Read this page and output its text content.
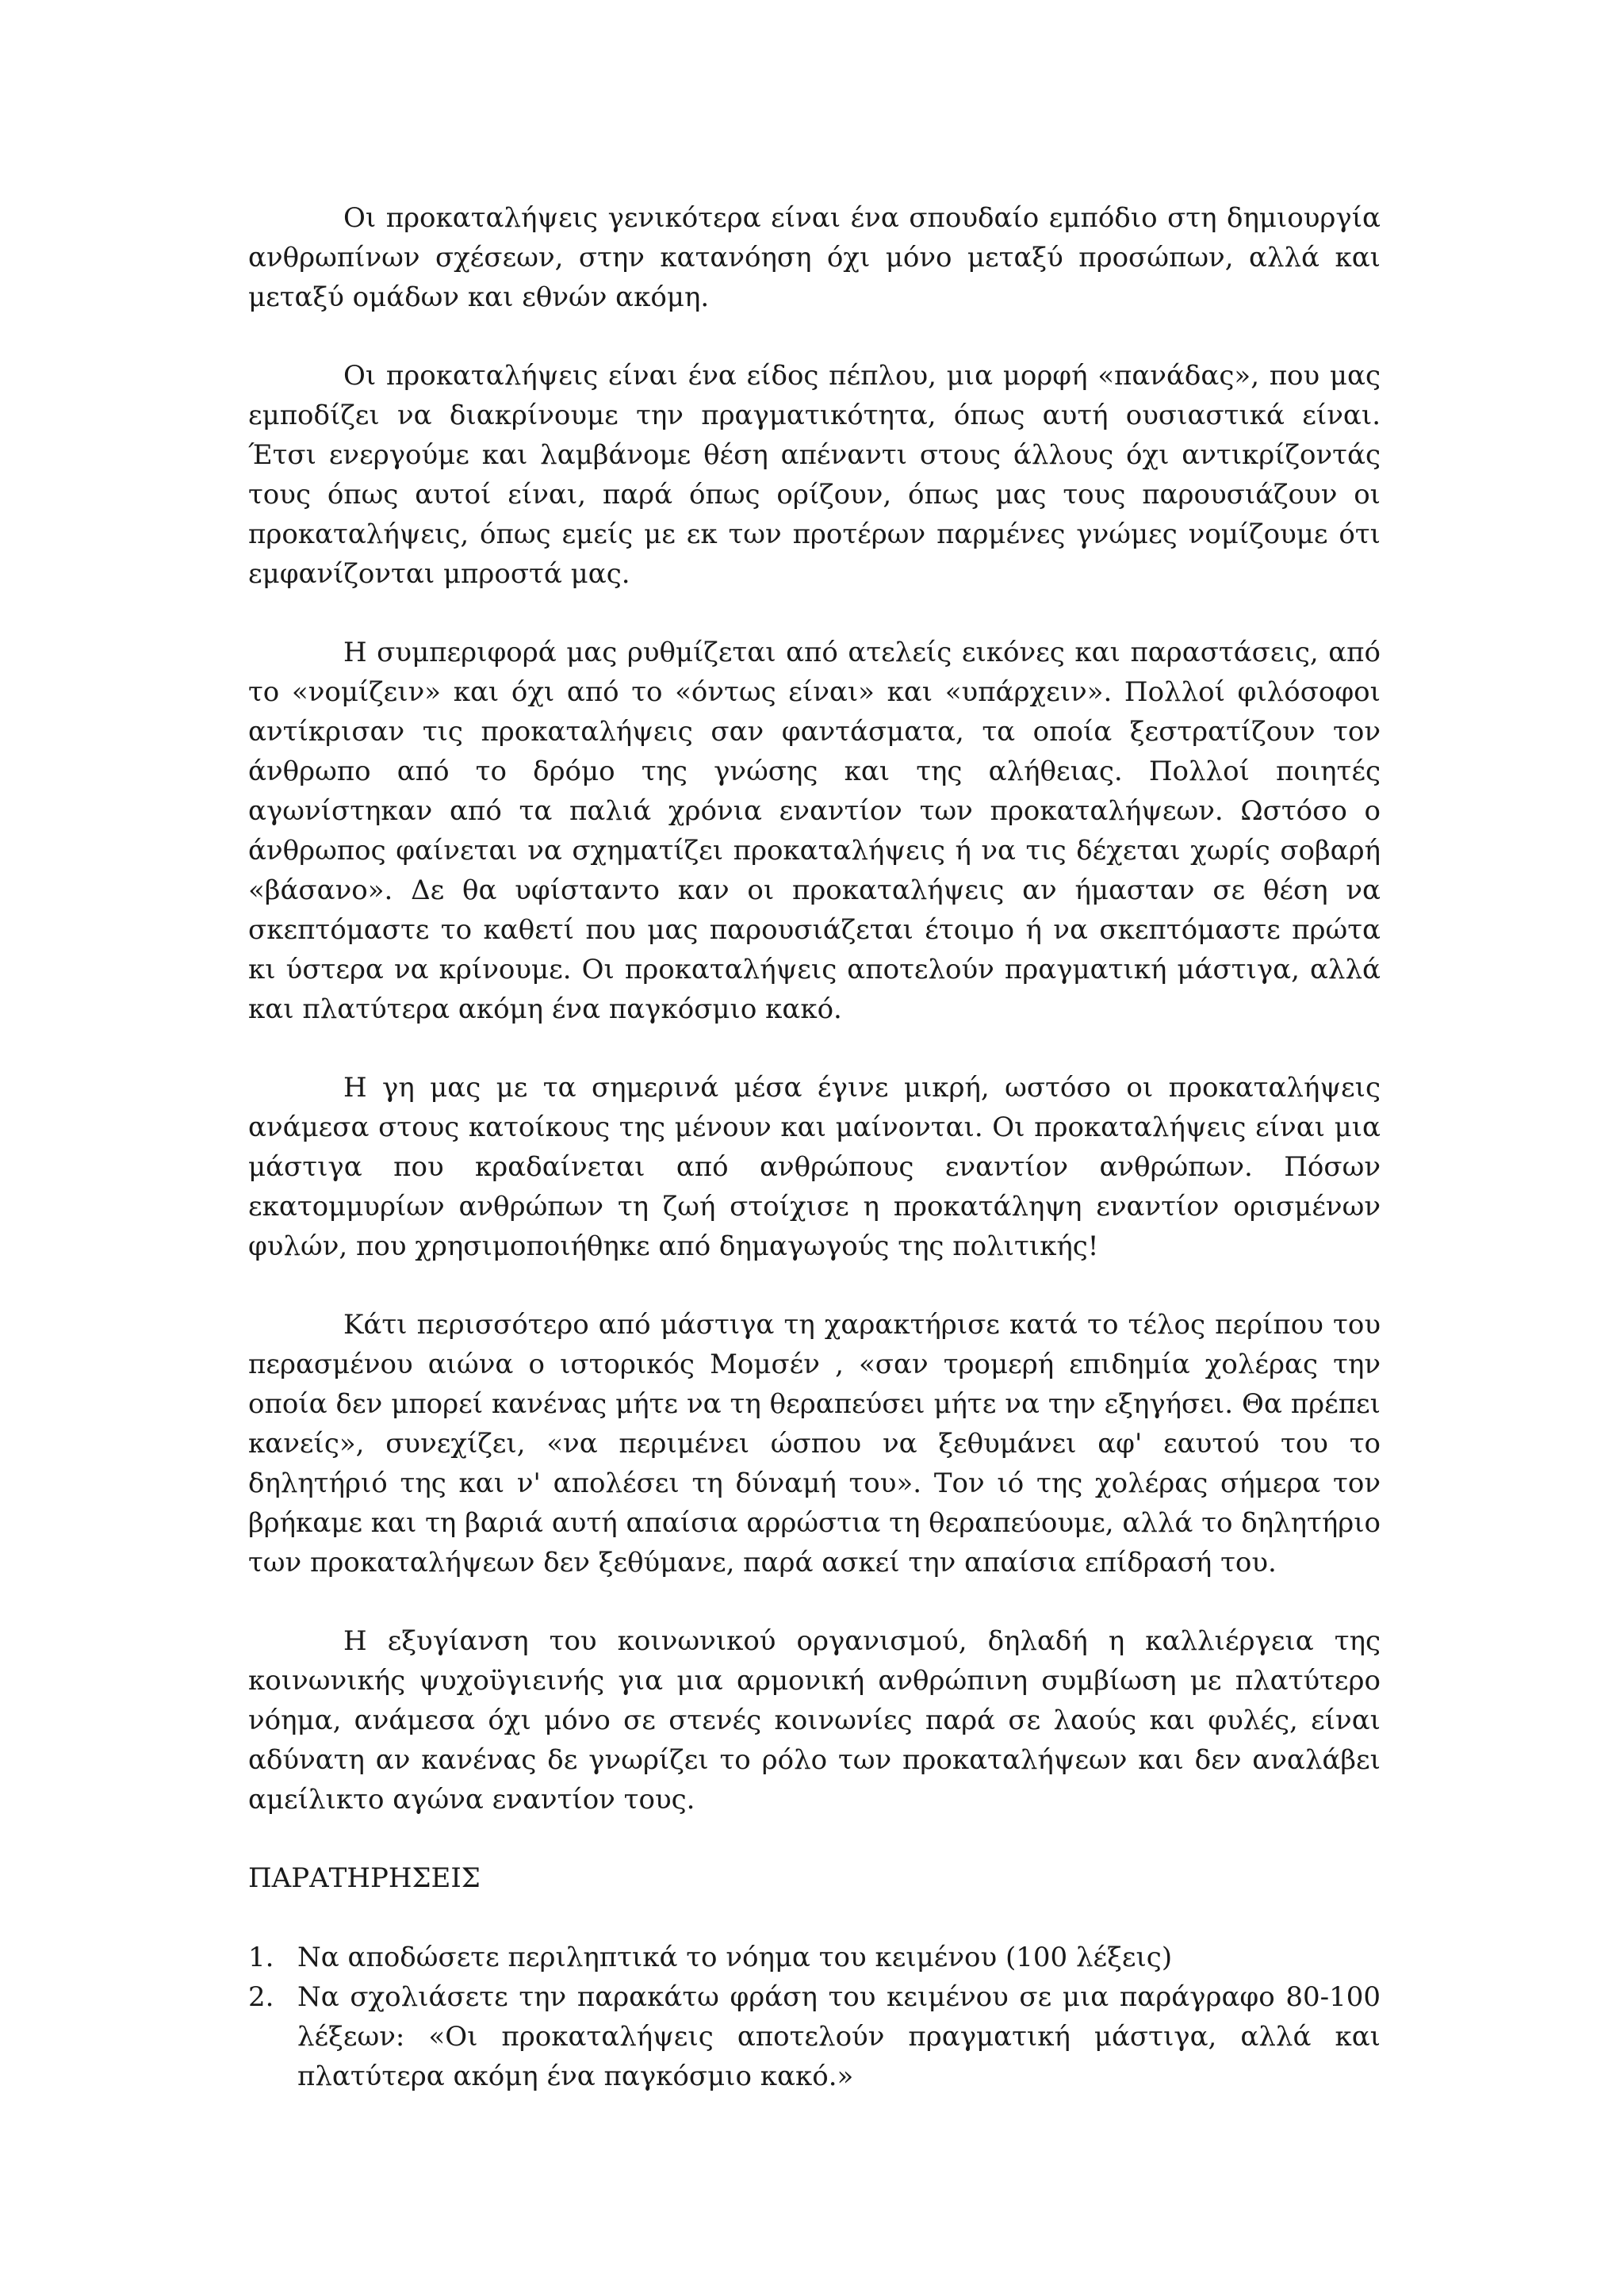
Οι προκαταλήψεις γενικότερα είναι ένα σπουδαίο εμπόδιο στη δημιουργία ανθρωπίνων σχέσεων, στην κατανόηση όχι μόνο μεταξύ προσώπων, αλλά και μεταξύ ομάδων και εθνών ακόμη.

Οι προκαταλήψεις είναι ένα είδος πέπλου, μια μορφή «πανάδας», που μας εμποδίζει να διακρίνουμε την πραγματικότητα, όπως αυτή ουσιαστικά είναι. Έτσι ενεργούμε και λαμβάνομε θέση απέναντι στους άλλους όχι αντικρίζοντάς τους όπως αυτοί είναι, παρά όπως ορίζουν, όπως μας τους παρουσιάζουν οι προκαταλήψεις, όπως εμείς με εκ των προτέρων παρμένες γνώμες νομίζουμε ότι εμφανίζονται μπροστά μας.

Η συμπεριφορά μας ρυθμίζεται από ατελείς εικόνες και παραστάσεις, από το «νομίζειν» και όχι από το «όντως είναι» και «υπάρχειν». Πολλοί φιλόσοφοι αντίκρισαν τις προκαταλήψεις σαν φαντάσματα, τα οποία ξεστρατίζουν τον άνθρωπο από το δρόμο της γνώσης και της αλήθειας. Πολλοί ποιητές αγωνίστηκαν από τα παλιά χρόνια εναντίον των προκαταλήψεων. Ωστόσο ο άνθρωπος φαίνεται να σχηματίζει προκαταλήψεις ή να τις δέχεται χωρίς σοβαρή «βάσανο». Δε θα υφίσταντο καν οι προκαταλήψεις αν ήμασταν σε θέση να σκεπτόμαστε το καθετί που μας παρουσιάζεται έτοιμο ή να σκεπτόμαστε πρώτα κι ύστερα να κρίνουμε. Οι προκαταλήψεις αποτελούν πραγματική μάστιγα, αλλά και πλατύτερα ακόμη ένα παγκόσμιο κακό.

Η γη μας με τα σημερινά μέσα έγινε μικρή, ωστόσο οι προκαταλήψεις ανάμεσα στους κατοίκους της μένουν και μαίνονται. Οι προκαταλήψεις είναι μια μάστιγα που κραδαίνεται από ανθρώπους εναντίον ανθρώπων. Πόσων εκατομμυρίων ανθρώπων τη ζωή στοίχισε η προκατάληψη εναντίον ορισμένων φυλών, που χρησιμοποιήθηκε από δημαγωγούς της πολιτικής!

Κάτι περισσότερο από μάστιγα τη χαρακτήρισε κατά το τέλος περίπου του περασμένου αιώνα ο ιστορικός Μομσέν , «σαν τρομερή επιδημία χολέρας την οποία δεν μπορεί κανένας μήτε να τη θεραπεύσει μήτε να την εξηγήσει. Θα πρέπει κανείς», συνεχίζει, «να περιμένει ώσπου να ξεθυμάνει αφ' εαυτού του το δηλητήριό της και ν' απολέσει τη δύναμή του». Τον ιό της χολέρας σήμερα τον βρήκαμε και τη βαριά αυτή απαίσια αρρώστια τη θεραπεύουμε, αλλά το δηλητήριο των προκαταλήψεων δεν ξεθύμανε, παρά ασκεί την απαίσια επίδρασή του.

Η εξυγίανση του κοινωνικού οργανισμού, δηλαδή η καλλιέργεια της κοινωνικής ψυχοϋγιεινής για μια αρμονική ανθρώπινη συμβίωση με πλατύτερο νόημα, ανάμεσα όχι μόνο σε στενές κοινωνίες παρά σε λαούς και φυλές, είναι αδύνατη αν κανένας δε γνωρίζει το ρόλο των προκαταλήψεων και δεν αναλάβει αμείλικτο αγώνα εναντίον τους.

ΠΑΡΑΤΗΡΗΣΕΙΣ
1. Να αποδώσετε περιληπτικά το νόημα του κειμένου (100 λέξεις)
2. Να σχολιάσετε την παρακάτω φράση του κειμένου σε μια παράγραφο 80-100 λέξεων: «Οι προκαταλήψεις αποτελούν πραγματική μάστιγα, αλλά και πλατύτερα ακόμη ένα παγκόσμιο κακό.»
